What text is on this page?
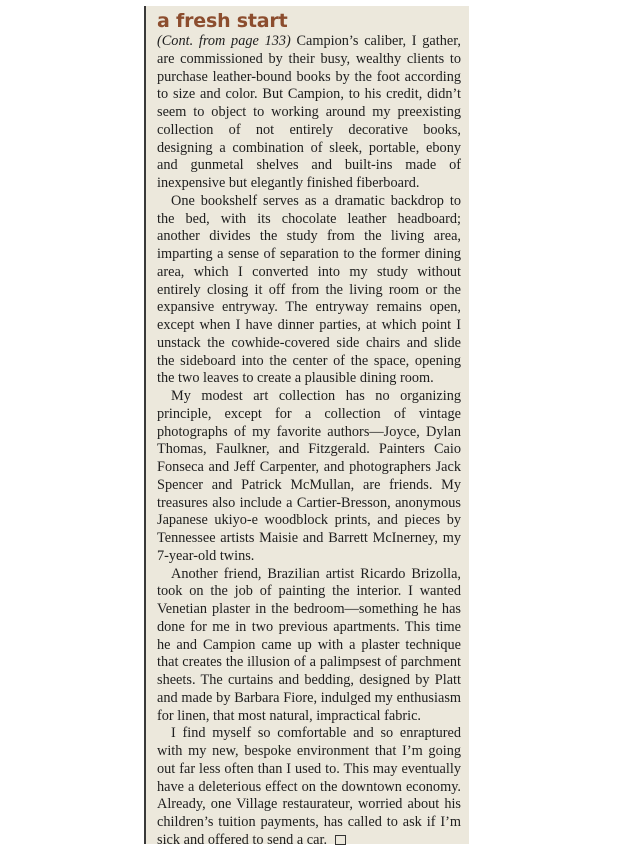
a fresh start

(Cont. from page 133) Campion’s caliber, I gather, are commissioned by their busy, wealthy clients to purchase leather-bound books by the foot according to size and color. But Campion, to his credit, didn’t seem to object to working around my preexisting collection of not entirely decorative books, designing a combination of sleek, portable, ebony and gunmetal shelves and built-ins made of inexpensive but elegantly finished fiberboard.

One bookshelf serves as a dramatic backdrop to the bed, with its chocolate leather headboard; another divides the study from the living area, imparting a sense of separation to the former dining area, which I converted into my study without entirely closing it off from the living room or the expansive entryway. The entryway remains open, except when I have dinner parties, at which point I unstack the cowhide-covered side chairs and slide the sideboard into the center of the space, opening the two leaves to create a plausible dining room.

My modest art collection has no organizing principle, except for a collection of vintage photographs of my favorite authors—Joyce, Dylan Thomas, Faulkner, and Fitzgerald. Painters Caio Fonseca and Jeff Carpenter, and photographers Jack Spencer and Patrick McMullan, are friends. My treasures also include a Cartier-Bresson, anonymous Japanese ukiyo-e woodblock prints, and pieces by Tennessee artists Maisie and Barrett McInerney, my 7-year-old twins.

Another friend, Brazilian artist Ricardo Brizolla, took on the job of painting the interior. I wanted Venetian plaster in the bedroom—something he has done for me in two previous apartments. This time he and Campion came up with a plaster technique that creates the illusion of a palimpsest of parchment sheets. The curtains and bedding, designed by Platt and made by Barbara Fiore, indulged my enthusiasm for linen, that most natural, impractical fabric.

I find myself so comfortable and so enraptured with my new, bespoke environment that I’m going out far less often than I used to. This may eventually have a deleterious effect on the downtown economy. Already, one Village restaurateur, worried about his children’s tuition payments, has called to ask if I’m sick and offered to send a car.
